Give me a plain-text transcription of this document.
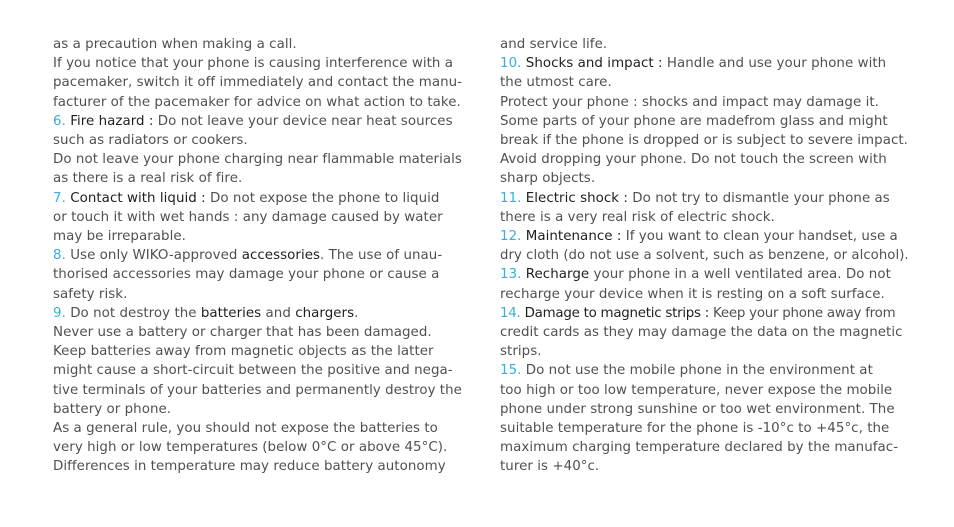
as a precaution when making a call.
If you notice that your phone is causing interference with a
pacemaker, switch it off immediately and contact the manu-
facturer of the pacemaker for advice on what action to take.
6. Fire hazard : Do not leave your device near heat sources
such as radiators or cookers.
Do not leave your phone charging near flammable materials
as there is a real risk of fire.
7. Contact with liquid : Do not expose the phone to liquid
or touch it with wet hands : any damage caused by water
may be irreparable.
8. Use only WIKO-approved accessories. The use of unau-
thorised accessories may damage your phone or cause a
safety risk.
9. Do not destroy the batteries and chargers.
Never use a battery or charger that has been damaged.
Keep batteries away from magnetic objects as the latter
might cause a short-circuit between the positive and nega-
tive terminals of your batteries and permanently destroy the
battery or phone.
As a general rule, you should not expose the batteries to
very high or low temperatures (below 0°C or above 45°C).
Differences in temperature may reduce battery autonomy
and service life.
10. Shocks and impact : Handle and use your phone with
the utmost care.
Protect your phone : shocks and impact may damage it.
Some parts of your phone are madefrom glass and might
break if the phone is dropped or is subject to severe impact.
Avoid dropping your phone. Do not touch the screen with
sharp objects.
11. Electric shock : Do not try to dismantle your phone as
there is a very real risk of electric shock.
12. Maintenance : If you want to clean your handset, use a
dry cloth (do not use a solvent, such as benzene, or alcohol).
13. Recharge your phone in a well ventilated area. Do not
recharge your device when it is resting on a soft surface.
14. Damage to magnetic strips : Keep your phone away from
credit cards as they may damage the data on the magnetic
strips.
15. Do not use the mobile phone in the environment at
too high or too low temperature, never expose the mobile
phone under strong sunshine or too wet environment. The
suitable temperature for the phone is -10°c to +45°c, the
maximum charging temperature declared by the manufac-
turer is +40°c.
